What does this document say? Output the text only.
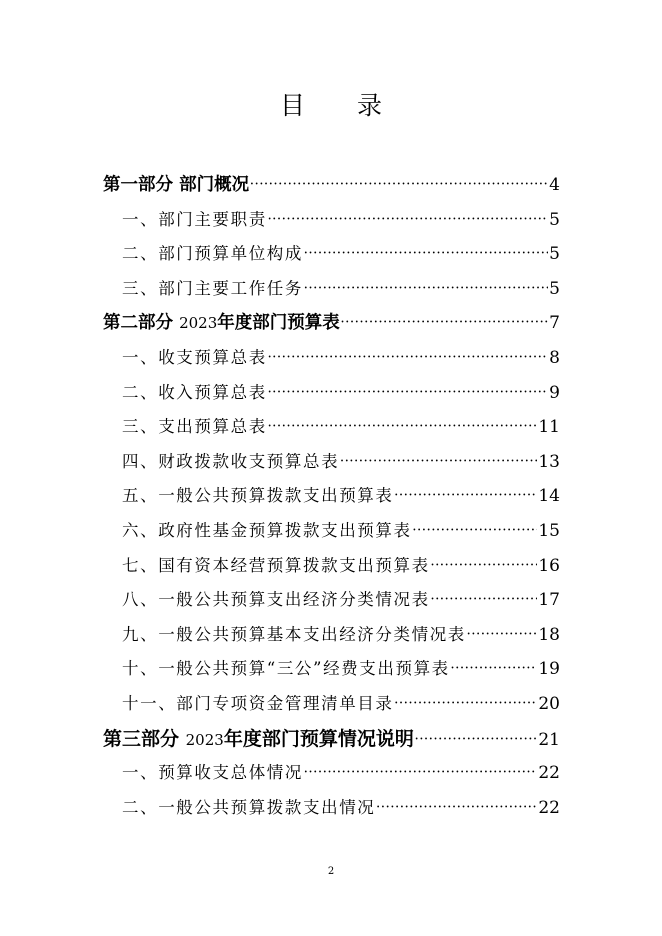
目 录
第一部分 部门概况 •••••	4
一、部门主要职责 •••••	5
二、部门预算单位构成 •••••	5
三、部门主要工作任务 •••••	5
第二部分 2023年度部门预算表 •••••	7
一、收支预算总表 •••••	8
二、收入预算总表 •••••	9
三、支出预算总表 •••••	11
四、财政拨款收支预算总表 •••••	13
五、一般公共预算拨款支出预算表 •••••	14
六、政府性基金预算拨款支出预算表 •••••	15
七、国有资本经营预算拨款支出预算表 •••••	16
八、一般公共预算支出经济分类情况表 •••••	17
九、一般公共预算基本支出经济分类情况表 •••••	18
十、一般公共预算“三公”经费支出预算表 •••••	19
十一、部门专项资金管理清单目录 •••••	20
第三部分 2023年度部门预算情况说明 •••••	21
一、预算收支总体情况 •••••	22
二、一般公共预算拨款支出情况 •••••	22
2
